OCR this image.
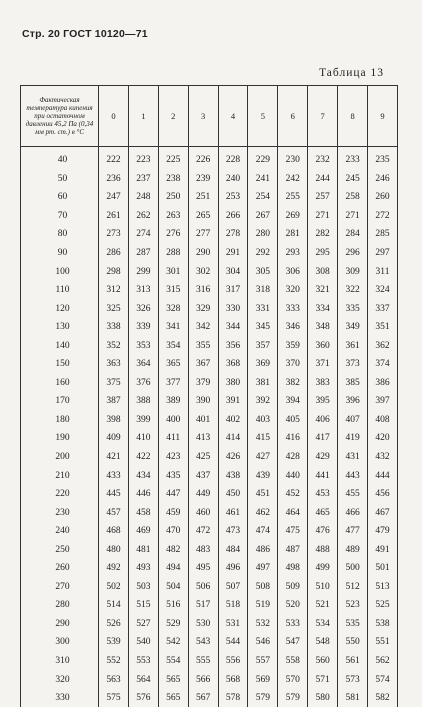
Стр. 20 ГОСТ 10120—71
Таблица 13
Фактическая температура кипения при остаточном давлении 45,2 Па (0,34 мм рт. ст.) в °С	0	1	2	3	4	5	6	7	8	9
40	222	223	225	226	228	229	230	232	233	235
50	236	237	238	239	240	241	242	244	245	246
60	247	248	250	251	253	254	255	257	258	260
70	261	262	263	265	266	267	269	271	271	272
80	273	274	276	277	278	280	281	282	284	285
90	286	287	288	290	291	292	293	295	296	297
100	298	299	301	302	304	305	306	308	309	311
110	312	313	315	316	317	318	320	321	322	324
120	325	326	328	329	330	331	333	334	335	337
130	338	339	341	342	344	345	346	348	349	351
140	352	353	354	355	356	357	359	360	361	362
150	363	364	365	367	368	369	370	371	373	374
160	375	376	377	379	380	381	382	383	385	386
170	387	388	389	390	391	392	394	395	396	397
180	398	399	400	401	402	403	405	406	407	408
190	409	410	411	413	414	415	416	417	419	420
200	421	422	423	425	426	427	428	429	431	432
210	433	434	435	437	438	439	440	441	443	444
220	445	446	447	449	450	451	452	453	455	456
230	457	458	459	460	461	462	464	465	466	467
240	468	469	470	472	473	474	475	476	477	479
250	480	481	482	483	484	486	487	488	489	491
260	492	493	494	495	496	497	498	499	500	501
270	502	503	504	506	507	508	509	510	512	513
280	514	515	516	517	518	519	520	521	523	525
290	526	527	529	530	531	532	533	534	535	538
300	539	540	542	543	544	546	547	548	550	551
310	552	553	554	555	556	557	558	560	561	562
320	563	564	565	566	568	569	570	571	573	574
330	575	576	565	567	578	579	579	580	581	582
